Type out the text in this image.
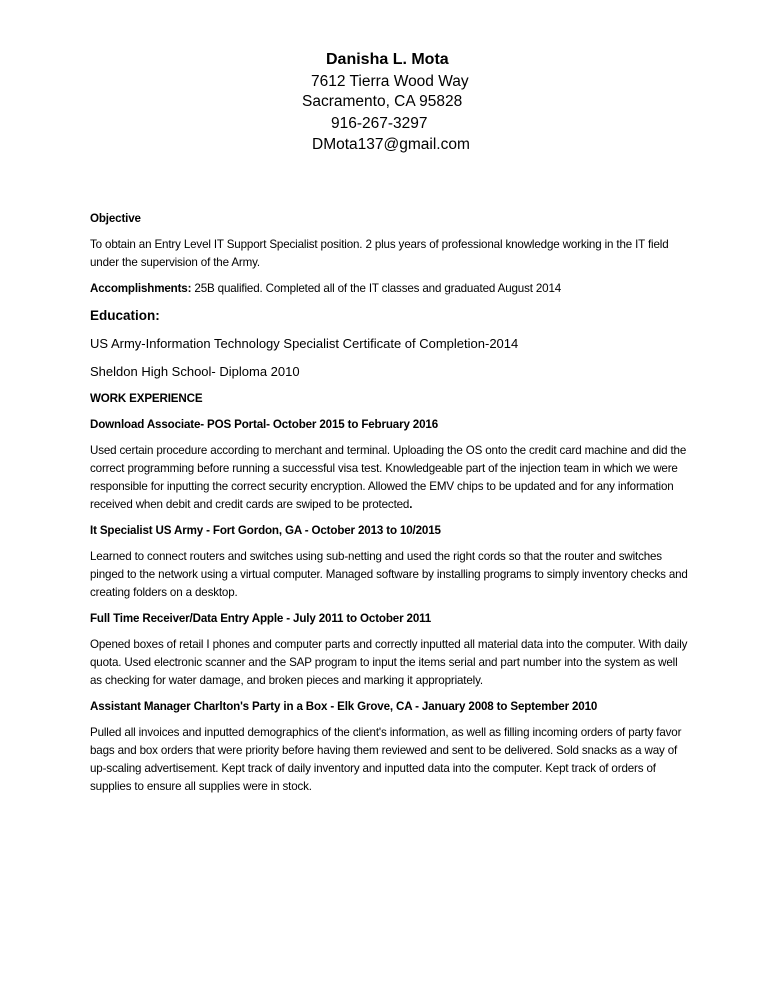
Danisha L. Mota
7612 Tierra Wood Way
Sacramento, CA 95828
916-267-3297
DMota137@gmail.com
Objective
To obtain an Entry Level IT Support Specialist position. 2 plus years of professional knowledge working in the IT field under the supervision of the Army.
Accomplishments: 25B qualified. Completed all of the IT classes and graduated August 2014
Education:
US Army-Information Technology Specialist Certificate of Completion-2014
Sheldon High School- Diploma 2010
WORK EXPERIENCE
Download Associate- POS Portal- October 2015 to February 2016
Used certain procedure according to merchant and terminal. Uploading the OS onto the credit card machine and did the correct programming before running a successful visa test. Knowledgeable part of the injection team in which we were responsible for inputting the correct security encryption. Allowed the EMV chips to be updated and for any information received when debit and credit cards are swiped to be protected.
It Specialist US Army - Fort Gordon, GA - October 2013 to 10/2015
Learned to connect routers and switches using sub-netting and used the right cords so that the router and switches pinged to the network using a virtual computer. Managed software by installing programs to simply inventory checks and creating folders on a desktop.
Full Time Receiver/Data Entry Apple - July 2011 to October 2011
Opened boxes of retail I phones and computer parts and correctly inputted all material data into the computer. With daily quota. Used electronic scanner and the SAP program to input the items serial and part number into the system as well as checking for water damage, and broken pieces and marking it appropriately.
Assistant Manager Charlton's Party in a Box - Elk Grove, CA - January 2008 to September 2010
Pulled all invoices and inputted demographics of the client's information, as well as filling incoming orders of party favor bags and box orders that were priority before having them reviewed and sent to be delivered. Sold snacks as a way of up-scaling advertisement. Kept track of daily inventory and inputted data into the computer. Kept track of orders of supplies to ensure all supplies were in stock.
